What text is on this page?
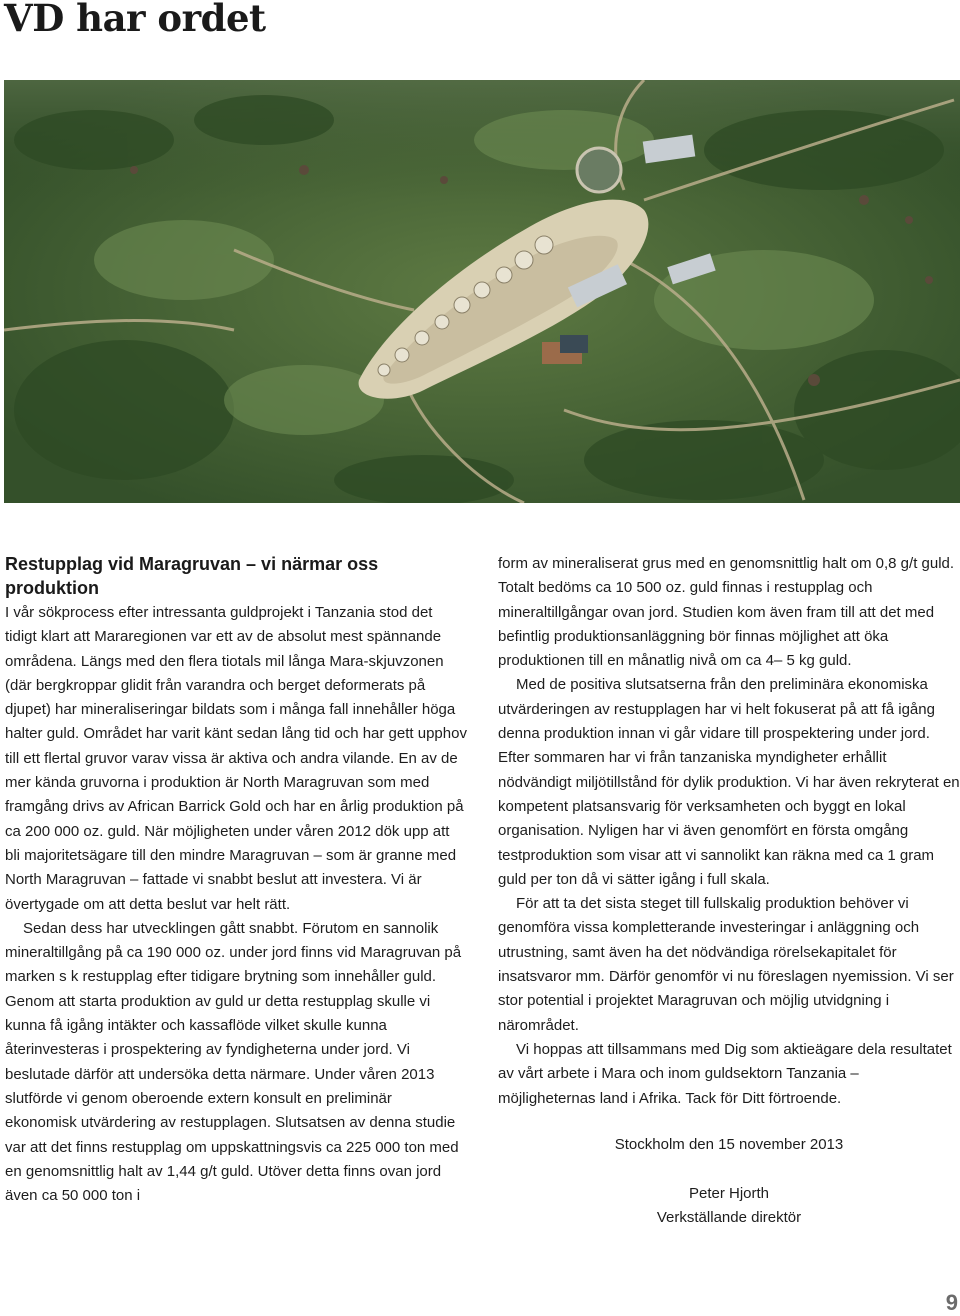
VD har ordet
Restupplag vid Maragruvan – vi närmar oss produktion

I vår sökprocess efter intressanta guldprojekt i Tanzania stod det tidigt klart att Mararegionen var ett av de absolut mest spännande områdena. Längs med den flera tiotals mil långa Mara-skjuvzonen (där bergkroppar glidit från varandra och berget deformerats på djupet) har mineraliseringar bildats som i många fall innehåller höga halter guld. Området har varit känt sedan lång tid och har gett upphov till ett flertal gruvor varav vissa är aktiva och andra vilande. En av de mer kända gruvorna i produktion är North Maragruvan som med framgång drivs av African Barrick Gold och har en årlig produktion på ca 200 000 oz. guld. När möjligheten under våren 2012 dök upp att bli majoritetsägare till den mindre Maragruvan – som är granne med North Maragruvan – fattade vi snabbt beslut att investera. Vi är övertygade om att detta beslut var helt rätt.

Sedan dess har utvecklingen gått snabbt. Förutom en sannolik mineraltillgång på ca 190 000 oz. under jord finns vid Maragruvan på marken s k restupplag efter tidigare brytning som innehåller guld. Genom att starta produktion av guld ur detta restupplag skulle vi kunna få igång intäkter och kassaflöde vilket skulle kunna återinvesteras i prospektering av fyndigheterna under jord. Vi beslutade därför att undersöka detta närmare. Under våren 2013 slutförde vi genom oberoende extern konsult en preliminär ekonomisk utvärdering av restupplagen. Slutsatsen av denna studie var att det finns restupplag om uppskattningsvis ca 225 000 ton med en genomsnittlig halt av 1,44 g/t guld. Utöver detta finns ovan jord även ca 50 000 ton i

form av mineraliserat grus med en genomsnittlig halt om 0,8 g/t guld. Totalt bedöms ca 10 500 oz. guld finnas i restupplag och mineraltillgångar ovan jord. Studien kom även fram till att det med befintlig produktionsanläggning bör finnas möjlighet att öka produktionen till en månatlig nivå om ca 4– 5 kg guld.

Med de positiva slutsatserna från den preliminära ekonomiska utvärderingen av restupplagen har vi helt fokuserat på att få igång denna produktion innan vi går vidare till prospektering under jord. Efter sommaren har vi från tanzaniska myndigheter erhållit nödvändigt miljötillstånd för dylik produktion. Vi har även rekryterat en kompetent platsansvarig för verksamheten och byggt en lokal organisation. Nyligen har vi även genomfört en första omgång testproduktion som visar att vi sannolikt kan räkna med ca 1 gram guld per ton då vi sätter igång i full skala.

För att ta det sista steget till fullskalig produktion behöver vi genomföra vissa kompletterande investeringar i anläggning och utrustning, samt även ha det nödvändiga rörelsekapitalet för insatsvaror mm. Därför genomför vi nu föreslagen nyemission. Vi ser stor potential i projektet Maragruvan och möjlig utvidgning i närområdet.

Vi hoppas att tillsammans med Dig som aktieägare dela resultatet av vårt arbete i Mara och inom guldsektorn Tanzania – möjligheternas land i Afrika. Tack för Ditt förtroende.

Stockholm den 15 november 2013
Peter Hjorth
Verkställande direktör
9
